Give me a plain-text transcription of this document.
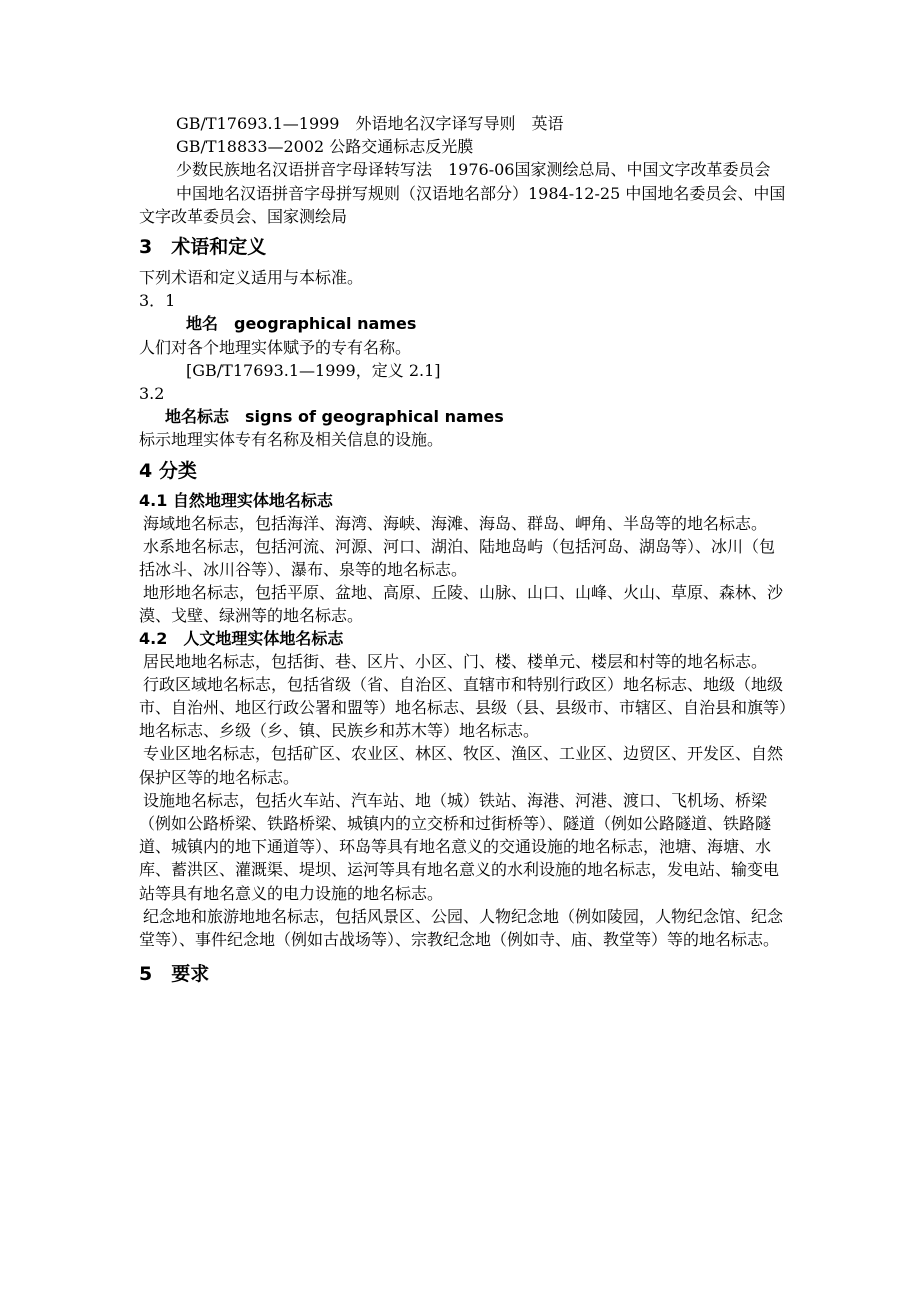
GB/T17693.1—1999　外语地名汉字译写导则　英语
GB/T18833—2002 公路交通标志反光膜
少数民族地名汉语拼音字母译转写法　1976-06国家测绘总局、中国文字改革委员会
中国地名汉语拼音字母拼写规则（汉语地名部分）1984-12-25 中国地名委员会、中国文字改革委员会、国家测绘局
3　术语和定义
下列术语和定义适用与本标准。
3．1
地名　geographical names
人们对各个地理实体赋予的专有名称。
[GB/T17693.1—1999，定义 2.1]
3.2
地名标志　signs of geographical names
标示地理实体专有名称及相关信息的设施。
4 分类
4.1 自然地理实体地名标志
海域地名标志，包括海洋、海湾、海峡、海滩、海岛、群岛、岬角、半岛等的地名标志。
水系地名标志，包括河流、河源、河口、湖泊、陆地岛屿（包括河岛、湖岛等）、冰川（包括冰斗、冰川谷等）、瀑布、泉等的地名标志。
地形地名标志，包括平原、盆地、高原、丘陵、山脉、山口、山峰、火山、草原、森林、沙漠、戈壁、绿洲等的地名标志。
4.2　人文地理实体地名标志
居民地地名标志，包括街、巷、区片、小区、门、楼、楼单元、楼层和村等的地名标志。
行政区域地名标志，包括省级（省、自治区、直辖市和特别行政区）地名标志、地级（地级市、自治州、地区行政公署和盟等）地名标志、县级（县、县级市、市辖区、自治县和旗等）地名标志、乡级（乡、镇、民族乡和苏木等）地名标志。
专业区地名标志，包括矿区、农业区、林区、牧区、渔区、工业区、边贸区、开发区、自然保护区等的地名标志。
设施地名标志，包括火车站、汽车站、地（城）铁站、海港、河港、渡口、飞机场、桥梁（例如公路桥梁、铁路桥梁、城镇内的立交桥和过街桥等）、隧道（例如公路隧道、铁路隧道、城镇内的地下通道等）、环岛等具有地名意义的交通设施的地名标志，池塘、海塘、水库、蓄洪区、灌溉渠、堤坝、运河等具有地名意义的水利设施的地名标志，发电站、输变电站等具有地名意义的电力设施的地名标志。
纪念地和旅游地地名标志，包括风景区、公园、人物纪念地（例如陵园，人物纪念馆、纪念堂等）、事件纪念地（例如古战场等）、宗教纪念地（例如寺、庙、教堂等）等的地名标志。
5　要求
